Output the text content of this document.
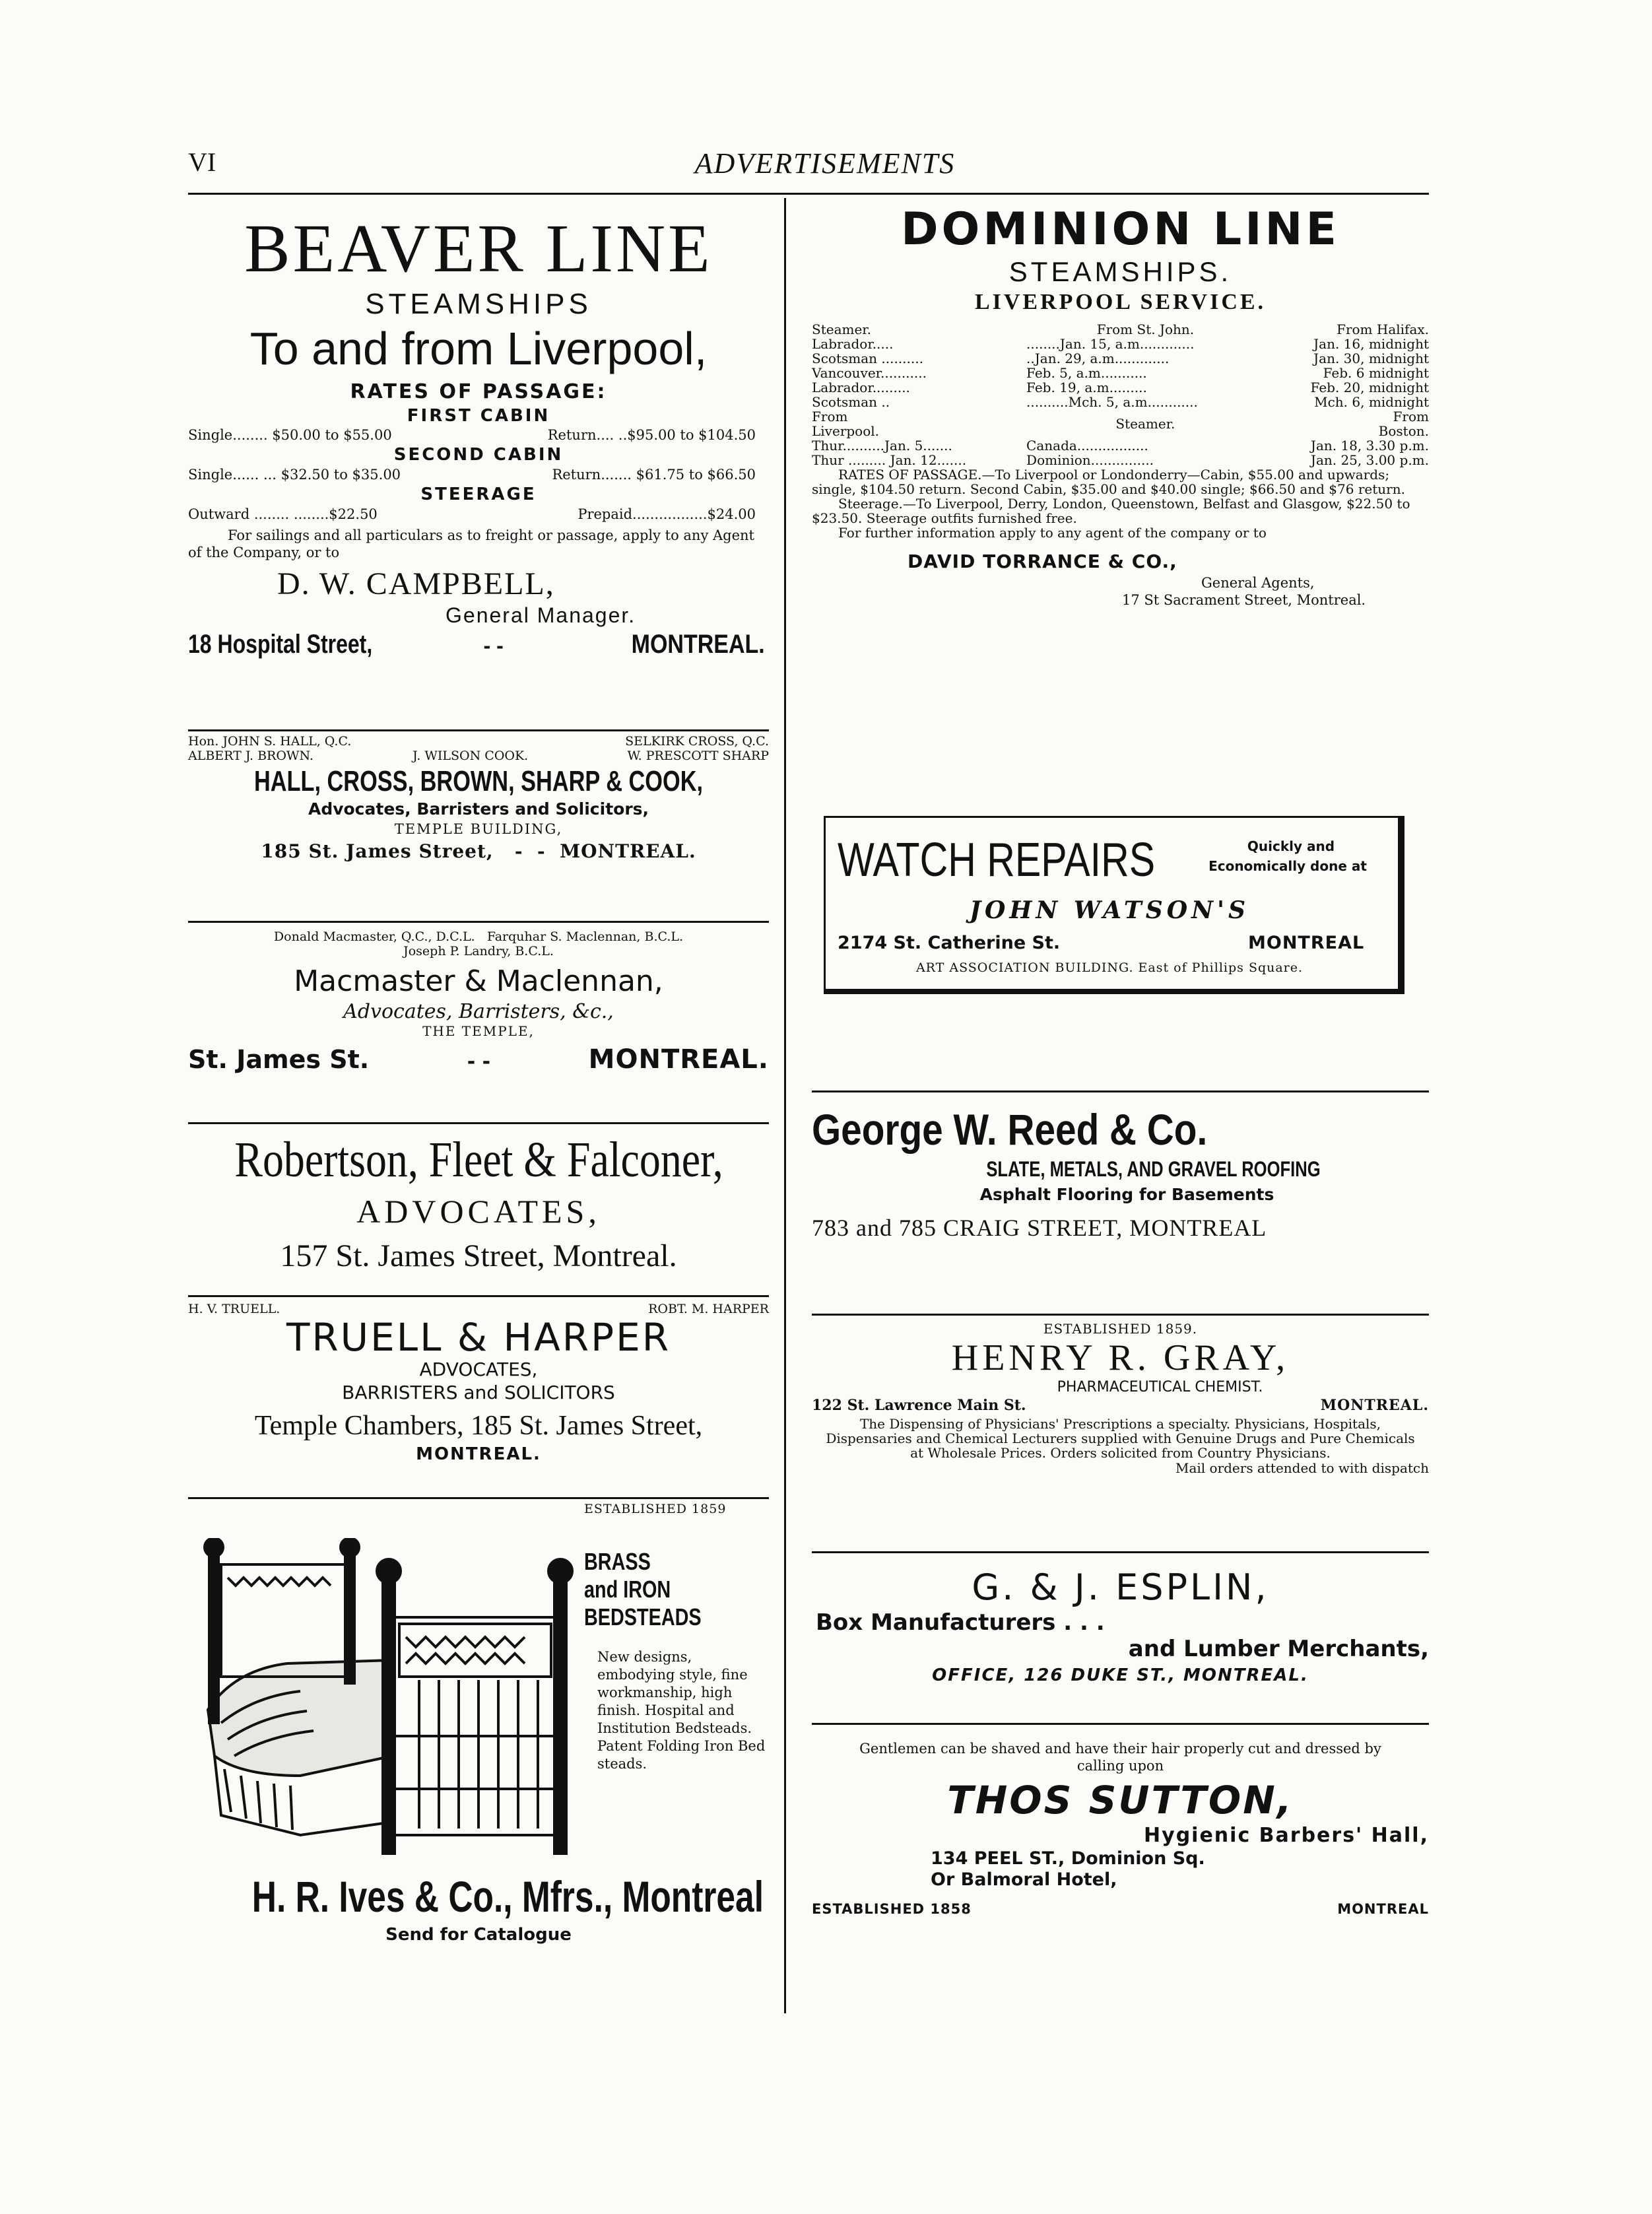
VI	ADVERTISEMENTS
BEAVER LINE
STEAMSHIPS
To and from Liverpool,
RATES OF PASSAGE:
FIRST CABIN
Single........ $50.00 to $55.00	Return.... ..$95.00 to $104.50
SECOND CABIN
Single...... ... $32.50 to $35.00	Return....... $61.75 to $66.50
STEERAGE
Outward ........ ........$22.50	Prepaid.................$24.00
For sailings and all particulars as to freight or passage, apply to any Agent of the Company, or to
D. W. CAMPBELL,
General Manager.
18 Hospital Street,	- -	MONTREAL.
Hon. JOHN S. HALL, Q.C.	SELKIRK CROSS, Q.C.
ALBERT J. BROWN.	J. WILSON COOK.	W. PRESCOTT SHARP
HALL, CROSS, BROWN, SHARP & COOK,
Advocates, Barristers and Solicitors,
TEMPLE BUILDING,
185 St. James Street,   -  -  MONTREAL.
Donald Macmaster, Q.C., D.C.L.   Farquhar S. Maclennan, B.C.L.
Joseph P. Landry, B.C.L.
Macmaster & Maclennan,
Advocates, Barristers, &c.,
THE TEMPLE,
St. James St.	- -	MONTREAL.
Robertson, Fleet & Falconer,
ADVOCATES,
157 St. James Street, Montreal.
H. V. TRUELL.	ROBT. M. HARPER
TRUELL & HARPER
ADVOCATES,
BARRISTERS and SOLICITORS
Temple Chambers, 185 St. James Street,
MONTREAL.
ESTABLISHED 1859
BRASS
and IRON
BEDSTEADS
New designs, embodying style, fine workmanship, high finish. Hospital and Institution Bedsteads. Patent Folding Iron Bed steads.
H. R. Ives & Co., Mfrs., Montreal
Send for Catalogue
DOMINION LINE
STEAMSHIPS.
LIVERPOOL SERVICE.
Steamer.	From St. John.	From Halifax.
Labrador.....	........Jan. 15, a.m.............	Jan. 16, midnight
Scotsman ..........	..Jan. 29, a.m.............	Jan. 30, midnight
Vancouver...........	Feb. 5, a.m...........	Feb. 6 midnight
Labrador.........	Feb. 19, a.m.........	Feb. 20, midnight
Scotsman ..	..........Mch. 5, a.m............	Mch. 6, midnight
From
Liverpool.	Steamer.	From
Boston.
Thur..........Jan. 5.......	Canada.................	Jan. 18, 3.30 p.m.
Thur ......... Jan. 12.......	Dominion...............	Jan. 25, 3.00 p.m.
RATES OF PASSAGE.—To Liverpool or Londonderry—Cabin, $55.00 and upwards; single, $104.50 return. Second Cabin, $35.00 and $40.00 single; $66.50 and $76 return.
Steerage.—To Liverpool, Derry, London, Queenstown, Belfast and Glasgow, $22.50 to $23.50. Steerage outfits furnished free.
For further information apply to any agent of the company or to
DAVID TORRANCE & CO.,
General Agents,
17 St Sacrament Street, Montreal.
WATCH REPAIRS	Quickly and
Economically done at
JOHN WATSON'S
2174 St. Catherine St.	MONTREAL
ART ASSOCIATION BUILDING. East of Phillips Square.
George W. Reed & Co.
SLATE, METALS, AND GRAVEL ROOFING
Asphalt Flooring for Basements
783 and 785 CRAIG STREET, MONTREAL
ESTABLISHED 1859.
HENRY R. GRAY,
PHARMACEUTICAL CHEMIST.
122 St. Lawrence Main St.	MONTREAL.
The Dispensing of Physicians' Prescriptions a specialty. Physicians, Hospitals, Dispensaries and Chemical Lecturers supplied with Genuine Drugs and Pure Chemicals at Wholesale Prices. Orders solicited from Country Physicians.
Mail orders attended to with dispatch
G. & J. ESPLIN,
Box Manufacturers . . .
and Lumber Merchants,
OFFICE, 126 DUKE ST., MONTREAL.
Gentlemen can be shaved and have their hair properly cut and dressed by calling upon
THOS SUTTON,
Hygienic Barbers' Hall,
134 PEEL ST., Dominion Sq.
Or Balmoral Hotel,
ESTABLISHED 1858	MONTREAL
